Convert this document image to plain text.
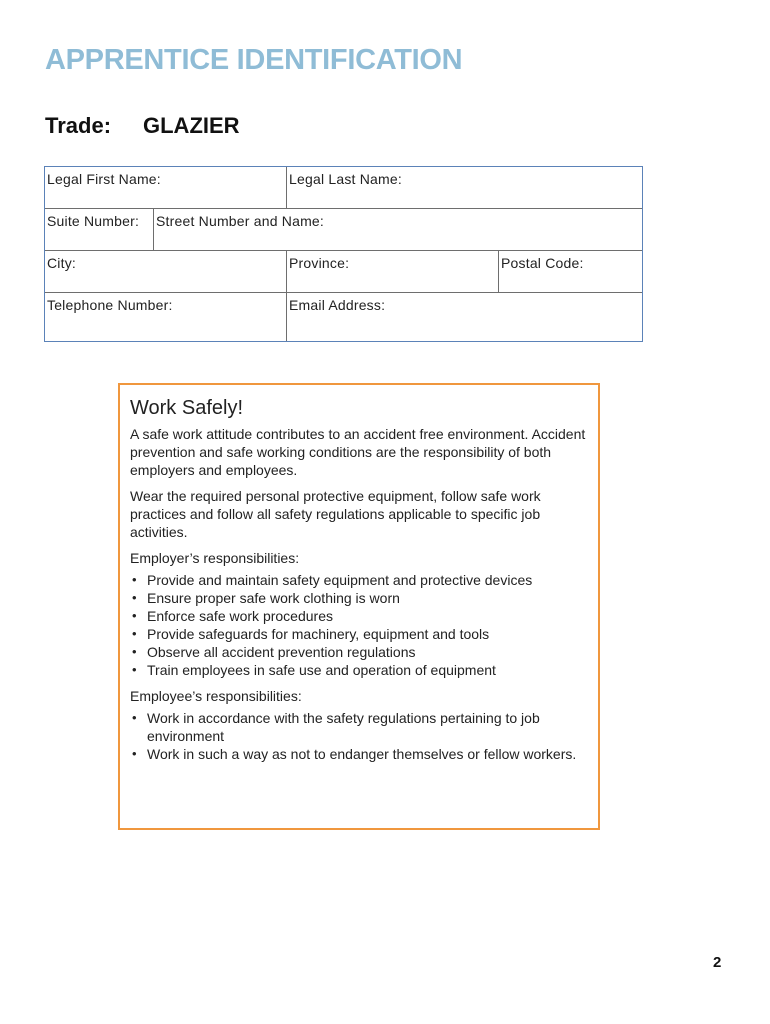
APPRENTICE IDENTIFICATION
Trade: GLAZIER
Legal First Name:	Legal Last Name:
Suite Number:	Street Number and Name:
City:	Province:	Postal Code:
Telephone Number:	Email Address:
Work Safely!

A safe work attitude contributes to an accident free environment. Accident prevention and safe working conditions are the responsibility of both employers and employees.

Wear the required personal protective equipment, follow safe work practices and follow all safety regulations applicable to specific job activities.

Employer’s responsibilities:
• Provide and maintain safety equipment and protective devices
• Ensure proper safe work clothing is worn
• Enforce safe work procedures
• Provide safeguards for machinery, equipment and tools
• Observe all accident prevention regulations
• Train employees in safe use and operation of equipment
Employee’s responsibilities:
• Work in accordance with the safety regulations pertaining to job environment
• Work in such a way as not to endanger themselves or fellow workers.
2
